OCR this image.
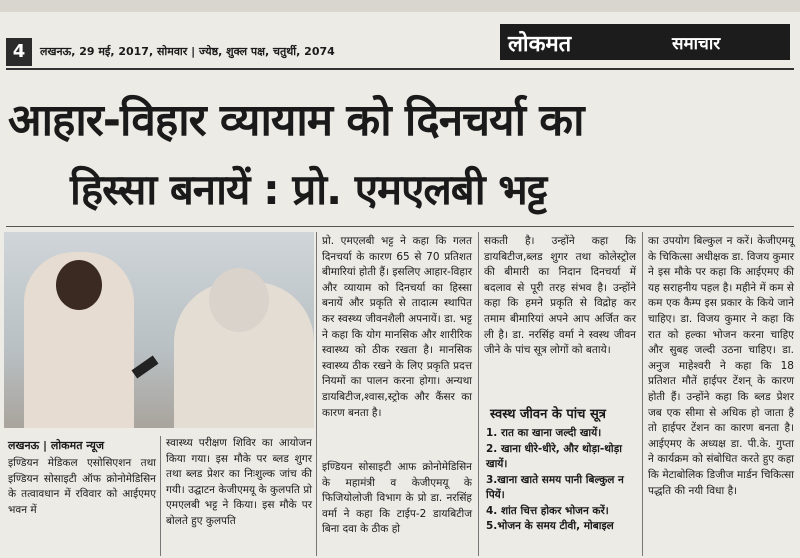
4	लखनऊ, 29 मई, 2017, सोमवार | ज्येष्ठ, शुक्ल पक्ष, चतुर्थी, 2074	लोकमत	समाचार
आहार-विहार व्यायाम को दिनचर्या का
हिस्सा बनायें : प्रो. एमएलबी भट्ट
लखनऊ | लोकमत न्यूज

इण्डियन मेडिकल एसोसिएशन तथा इण्डियन सोसाइटी ऑफ क्रोनोमेडिसिन के तत्वावधान में रविवार को आईएमए भवन में

स्वास्थ्य परीक्षण शिविर का आयोजन किया गया। इस मौके पर ब्लड शुगर तथा ब्लड प्रेशर का निःशुल्क जांच की गयी। उद्घाटन केजीएमयू के कुलपति प्रो एमएलबी भट्ट ने किया। इस मौके पर बोलते हुए कुलपति

प्रो. एमएलबी भट्ट ने कहा कि गलत दिनचर्या के कारण 65 से 70 प्रतिशत बीमारियां होती हैं। इसलिए आहार-विहार और व्यायाम को दिनचर्या का हिस्सा बनायें और प्रकृति से तादात्म स्थापित कर स्वस्थ्य जीवनशैली अपनायें। डा. भट्ट ने कहा कि योग मानसिक और शारीरिक स्वास्थ्य को ठीक रखता है। मानसिक स्वास्थ्य ठीक रखने के लिए प्रकृति प्रदत्त नियमों का पालन करना होगा। अन्यथा डायबिटीज,श्वास,स्ट्रोक और कैंसर का कारण बनता है।

इण्डियन सोसाइटी आफ क्रोनोमेडिसिन के महामंत्री व केजीएमयू के फिजियोलोजी विभाग के प्रो डा. नरसिंह वर्मा ने कहा कि टाईप-2 डायबिटीज बिना दवा के ठीक हो

सकती है। उन्होंने कहा कि डायबिटीज,ब्लड शुगर तथा कोलेस्ट्रोल की बीमारी का निदान दिनचर्या में बदलाव से पूरी तरह संभव है। उन्होंने कहा कि हमने प्रकृति से विद्रोह कर तमाम बीमारियां अपने आप अर्जित कर ली है। डा. नरसिंह वर्मा ने स्वस्थ जीवन जीने के पांच सूत्र लोगों को बताये।

स्वस्थ जीवन के पांच सूत्र
1. रात का खाना जल्दी खायें।
2. खाना धीरे-धीरे, और थोड़ा-थोड़ा खायें।
3.खाना खाते समय पानी बिल्कुल न पियें।
4. शांत चित्त होकर भोजन करें।
5.भोजन के समय टीवी, मोबाइल

का उपयोग बिल्कुल न करें। केजीएमयू के चिकित्सा अधीक्षक डा. विजय कुमार ने इस मौके पर कहा कि आईएमए की यह सराहनीय पहल है। महीने में कम से कम एक कैम्प इस प्रकार के किये जाने चाहिए। डा. विजय कुमार ने कहा कि रात को हल्का भोजन करना चाहिए और सुबह जल्दी उठना चाहिए। डा. अनुज माहेश्वरी ने कहा कि 18 प्रतिशत मौतें हाईपर टेंशन् के कारण होती हैं। उन्होंने कहा कि ब्लड प्रेशर जब एक सीमा से अधिक हो जाता है तो हाईपर टेंशन का कारण बनता है। आईएमए के अध्यक्ष डा. पी.के. गुप्ता ने कार्यक्रम को संबोधित करते हुए कहा कि मेटाबोलिक डिजीज मार्डन चिकित्सा पद्धति की नयी विधा है।
